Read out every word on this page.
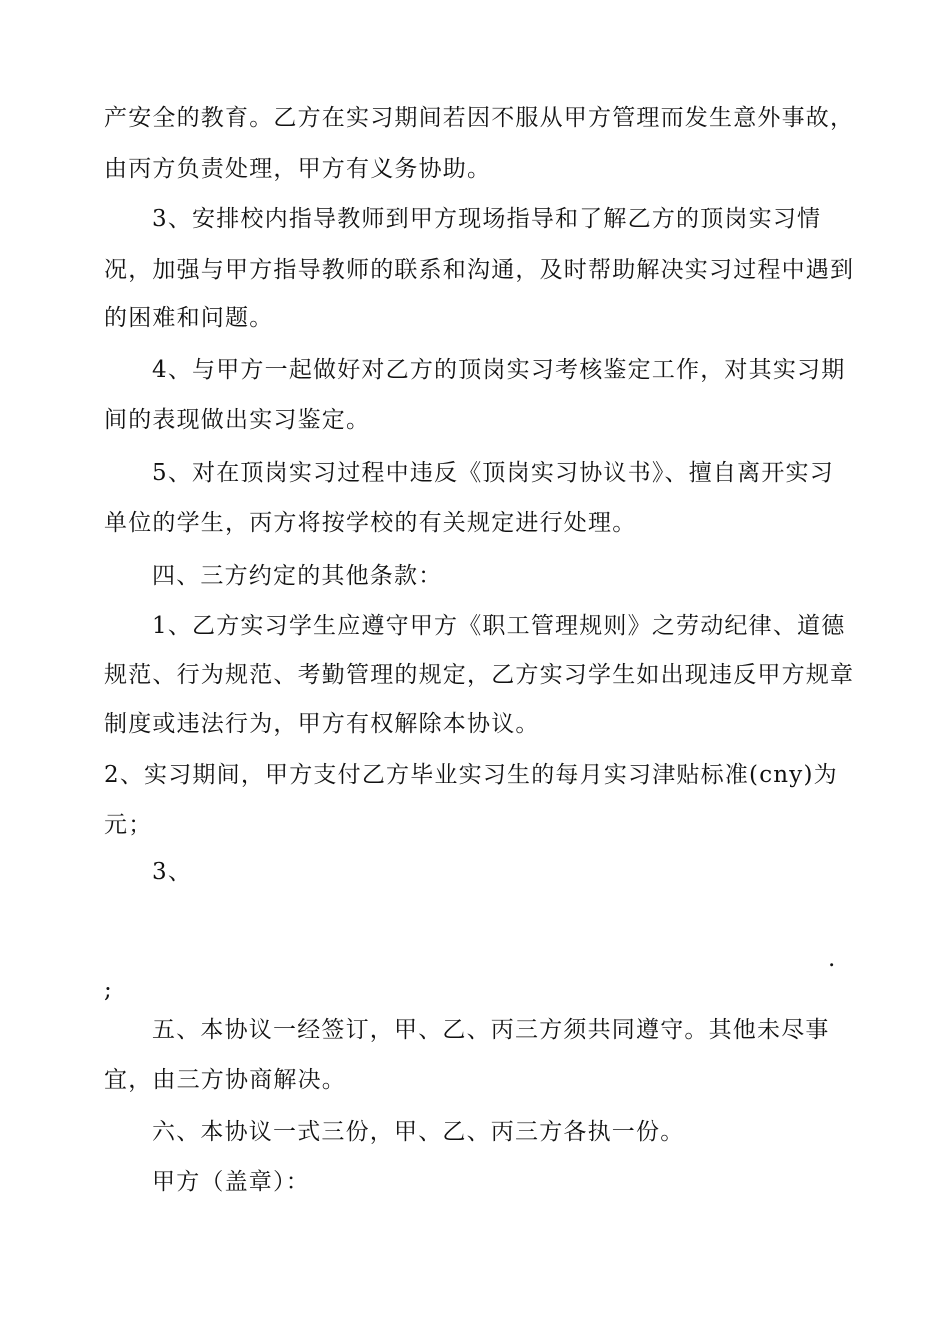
产安全的教育。乙方在实习期间若因不服从甲方管理而发生意外事故，
由丙方负责处理，甲方有义务协助。
3、安排校内指导教师到甲方现场指导和了解乙方的顶岗实习情
况，加强与甲方指导教师的联系和沟通，及时帮助解决实习过程中遇到
的困难和问题。
4、与甲方一起做好对乙方的顶岗实习考核鉴定工作，对其实习期
间的表现做出实习鉴定。
5、对在顶岗实习过程中违反《顶岗实习协议书》、擅自离开实习
单位的学生，丙方将按学校的有关规定进行处理。
四、三方约定的其他条款：
1、乙方实习学生应遵守甲方《职工管理规则》之劳动纪律、道德
规范、行为规范、考勤管理的规定，乙方实习学生如出现违反甲方规章
制度或违法行为，甲方有权解除本协议。
2、实习期间，甲方支付乙方毕业实习生的每月实习津贴标准(cny)为
元；
3、
.
;
五、本协议一经签订，甲、乙、丙三方须共同遵守。其他未尽事
宜，由三方协商解决。
六、本协议一式三份，甲、乙、丙三方各执一份。
甲方（盖章）：
